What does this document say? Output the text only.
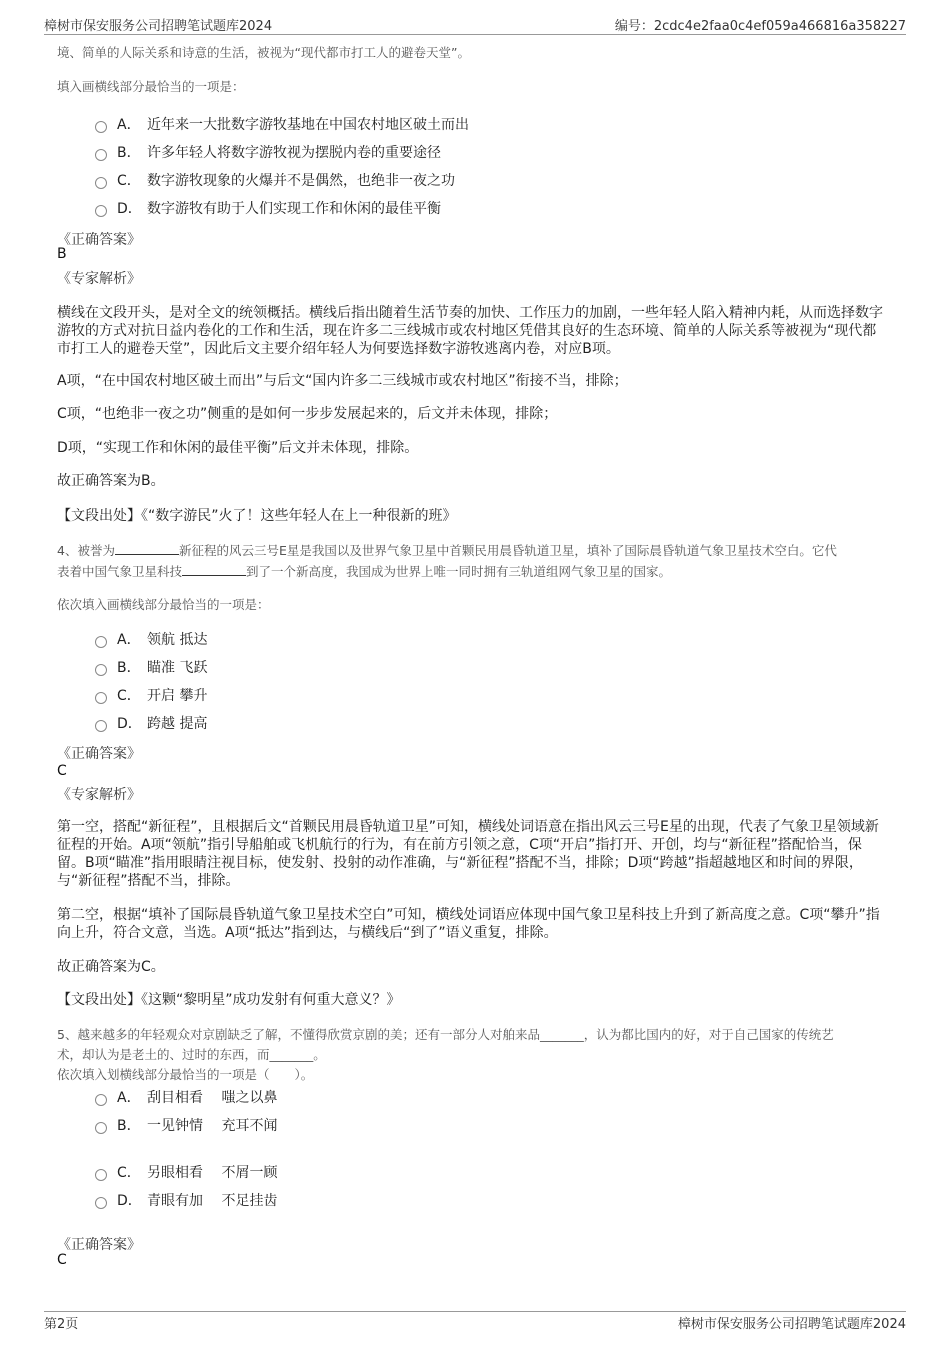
樟树市保安服务公司招聘笔试题库2024	编号：2cdc4e2faa0c4ef059a466816a358227
境、简单的人际关系和诗意的生活，被视为“现代都市打工人的避卷天堂”。
填入画横线部分最恰当的一项是：
A． 近年来一大批数字游牧基地在中国农村地区破土而出
B． 许多年轻人将数字游牧视为摆脱内卷的重要途径
C． 数字游牧现象的火爆并不是偶然，也绝非一夜之功
D． 数字游牧有助于人们实现工作和休闲的最佳平衡
《正确答案》
B
《专家解析》
横线在文段开头，是对全文的统领概括。横线后指出随着生活节奏的加快、工作压力的加剧，一些年轻人陷入精神内耗，从而选择数字游牧的方式对抗日益内卷化的工作和生活，现在许多二三线城市或农村地区凭借其良好的生态环境、简单的人际关系等被视为“现代都市打工人的避卷天堂”，因此后文主要介绍年轻人为何要选择数字游牧逃离内卷，对应B项。
A项，“在中国农村地区破土而出”与后文“国内许多二三线城市或农村地区”衔接不当，排除；
C项，“也绝非一夜之功”侧重的是如何一步步发展起来的，后文并未体现，排除；
D项，“实现工作和休闲的最佳平衡”后文并未体现，排除。
故正确答案为B。
【文段出处】《“数字游民”火了！这些年轻人在上一种很新的班》
4、被誉为	新征程的风云三号E星是我国以及世界气象卫星中首颗民用晨昏轨道卫星，填补了国际晨昏轨道气象卫星技术空白。它代
表着中国气象卫星科技	到了一个新高度，我国成为世界上唯一同时拥有三轨道组网气象卫星的国家。
依次填入画横线部分最恰当的一项是：
A． 领航 抵达
B． 瞄准 飞跃
C． 开启 攀升
D． 跨越 提高
《正确答案》
C
《专家解析》
第一空，搭配“新征程”，且根据后文“首颗民用晨昏轨道卫星”可知，横线处词语意在指出风云三号E星的出现，代表了气象卫星领域新征程的开始。A项“领航”指引导船舶或飞机航行的行为，有在前方引领之意，C项“开启”指打开、开创，均与“新征程”搭配恰当，保留。B项“瞄准”指用眼睛注视目标，使发射、投射的动作准确，与“新征程”搭配不当，排除；D项“跨越”指超越地区和时间的界限，与“新征程”搭配不当，排除。
第二空，根据“填补了国际晨昏轨道气象卫星技术空白”可知，横线处词语应体现中国气象卫星科技上升到了新高度之意。C项“攀升”指向上升，符合文意，当选。A项“抵达”指到达，与横线后“到了”语义重复，排除。
故正确答案为C。
【文段出处】《这颗“黎明星”成功发射有何重大意义？》
5、越来越多的年轻观众对京剧缺乏了解，不懂得欣赏京剧的美；还有一部分人对舶来品_______，认为都比国内的好，对于自己国家的传统艺
术，却认为是老土的、过时的东西，而_______。
依次填入划横线部分最恰当的一项是（　　）。
A． 刮目相看　 嗤之以鼻
B． 一见钟情　 充耳不闻
C． 另眼相看　 不屑一顾
D． 青眼有加　 不足挂齿
《正确答案》
C
第2页	樟树市保安服务公司招聘笔试题库2024
